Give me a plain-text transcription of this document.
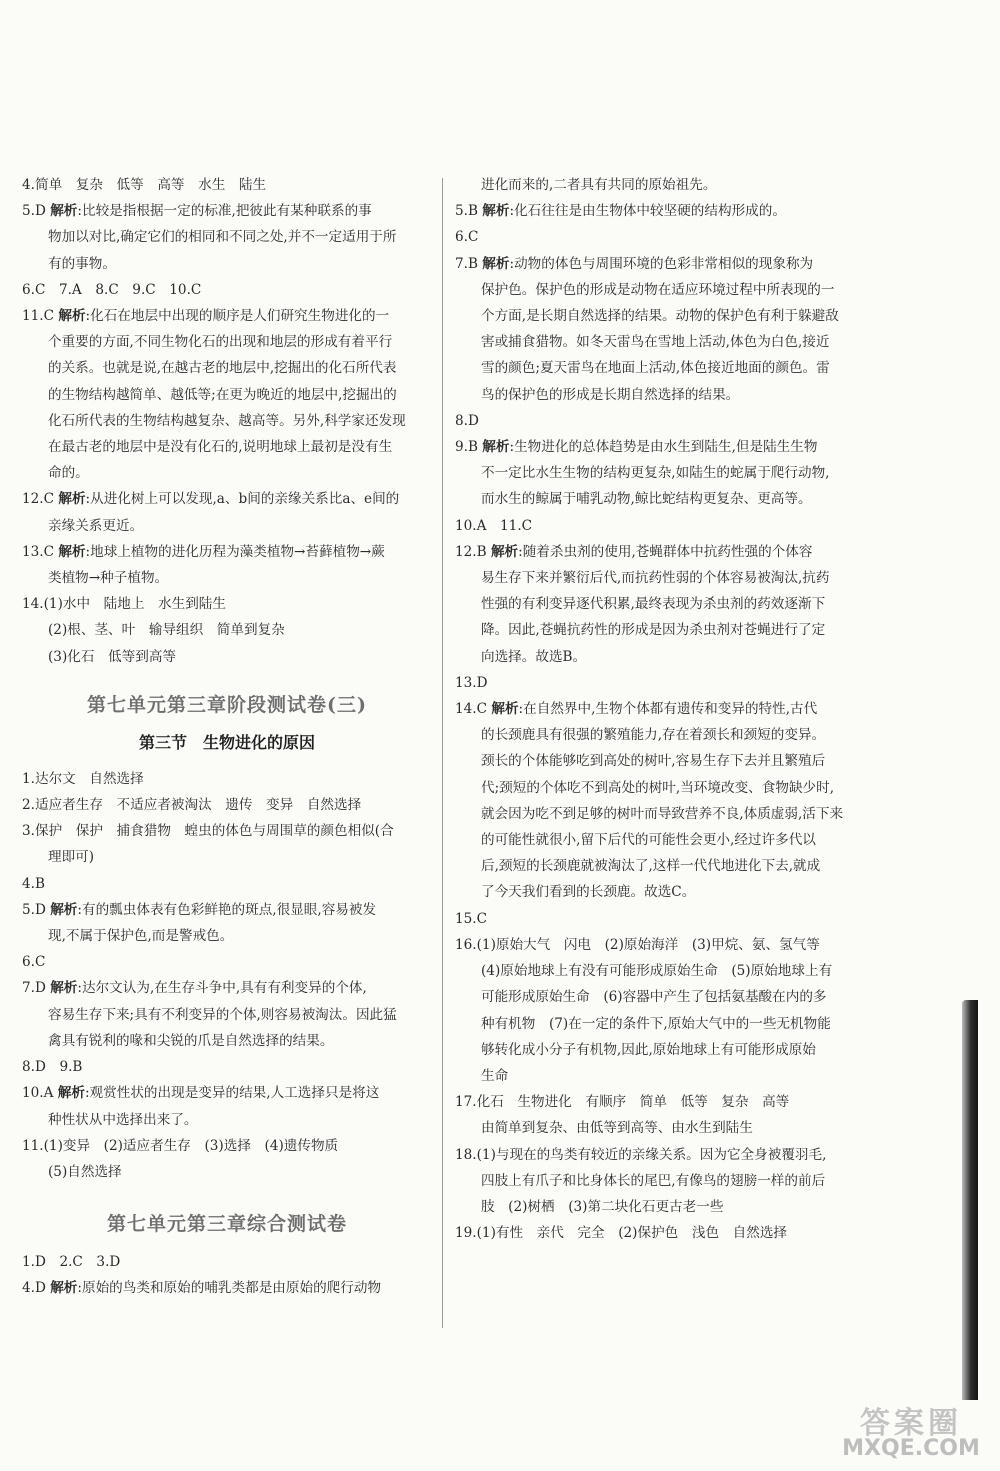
4.简单　复杂　低等　高等　水生　陆生
5.D 解析:比较是指根据一定的标准,把彼此有某种联系的事
物加以对比,确定它们的相同和不同之处,并不一定适用于所
有的事物。
6.C　7.A　8.C　9.C　10.C
11.C 解析:化石在地层中出现的顺序是人们研究生物进化的一
个重要的方面,不同生物化石的出现和地层的形成有着平行
的关系。也就是说,在越古老的地层中,挖掘出的化石所代表
的生物结构越简单、越低等;在更为晚近的地层中,挖掘出的
化石所代表的生物结构越复杂、越高等。另外,科学家还发现
在最古老的地层中是没有化石的,说明地球上最初是没有生
命的。
12.C 解析:从进化树上可以发现,a、b间的亲缘关系比a、e间的
亲缘关系更近。
13.C 解析:地球上植物的进化历程为藻类植物→苔藓植物→蕨
类植物→种子植物。
14.(1)水中　陆地上　水生到陆生
(2)根、茎、叶　输导组织　简单到复杂
(3)化石　低等到高等
第七单元第三章阶段测试卷(三)
第三节　生物进化的原因
1.达尔文　自然选择
2.适应者生存　不适应者被淘汰　遗传　变异　自然选择
3.保护　保护　捕食猎物　蝗虫的体色与周围草的颜色相似(合
理即可)
4.B
5.D 解析:有的瓢虫体表有色彩鲜艳的斑点,很显眼,容易被发
现,不属于保护色,而是警戒色。
6.C
7.D 解析:达尔文认为,在生存斗争中,具有有利变异的个体,
容易生存下来;具有不利变异的个体,则容易被淘汰。因此猛
禽具有锐利的喙和尖锐的爪是自然选择的结果。
8.D　9.B
10.A 解析:观赏性状的出现是变异的结果,人工选择只是将这
种性状从中选择出来了。
11.(1)变异　(2)适应者生存　(3)选择　(4)遗传物质
(5)自然选择
第七单元第三章综合测试卷
1.D　2.C　3.D
4.D 解析:原始的鸟类和原始的哺乳类都是由原始的爬行动物
进化而来的,二者具有共同的原始祖先。
5.B 解析:化石往往是由生物体中较坚硬的结构形成的。
6.C
7.B 解析:动物的体色与周围环境的色彩非常相似的现象称为
保护色。保护色的形成是动物在适应环境过程中所表现的一
个方面,是长期自然选择的结果。动物的保护色有利于躲避敌
害或捕食猎物。如冬天雷鸟在雪地上活动,体色为白色,接近
雪的颜色;夏天雷鸟在地面上活动,体色接近地面的颜色。雷
鸟的保护色的形成是长期自然选择的结果。
8.D
9.B 解析:生物进化的总体趋势是由水生到陆生,但是陆生生物
不一定比水生生物的结构更复杂,如陆生的蛇属于爬行动物,
而水生的鲸属于哺乳动物,鲸比蛇结构更复杂、更高等。
10.A　11.C
12.B 解析:随着杀虫剂的使用,苍蝇群体中抗药性强的个体容
易生存下来并繁衍后代,而抗药性弱的个体容易被淘汰,抗药
性强的有利变异逐代积累,最终表现为杀虫剂的药效逐渐下
降。因此,苍蝇抗药性的形成是因为杀虫剂对苍蝇进行了定
向选择。故选B。
13.D
14.C 解析:在自然界中,生物个体都有遗传和变异的特性,古代
的长颈鹿具有很强的繁殖能力,存在着颈长和颈短的变异。
颈长的个体能够吃到高处的树叶,容易生存下去并且繁殖后
代;颈短的个体吃不到高处的树叶,当环境改变、食物缺少时,
就会因为吃不到足够的树叶而导致营养不良,体质虚弱,活下来
的可能性就很小,留下后代的可能性会更小,经过许多代以
后,颈短的长颈鹿就被淘汰了,这样一代代地进化下去,就成
了今天我们看到的长颈鹿。故选C。
15.C
16.(1)原始大气　闪电　(2)原始海洋　(3)甲烷、氨、氢气等
(4)原始地球上有没有可能形成原始生命　(5)原始地球上有
可能形成原始生命　(6)容器中产生了包括氨基酸在内的多
种有机物　(7)在一定的条件下,原始大气中的一些无机物能
够转化成小分子有机物,因此,原始地球上有可能形成原始
生命
17.化石　生物进化　有顺序　简单　低等　复杂　高等
由简单到复杂、由低等到高等、由水生到陆生
18.(1)与现在的鸟类有较近的亲缘关系。因为它全身被覆羽毛,
四肢上有爪子和比身体长的尾巴,有像鸟的翅膀一样的前后
肢　(2)树栖　(3)第二块化石更古老一些
19.(1)有性　亲代　完全　(2)保护色　浅色　自然选择
答案圈
MXQE.COM
